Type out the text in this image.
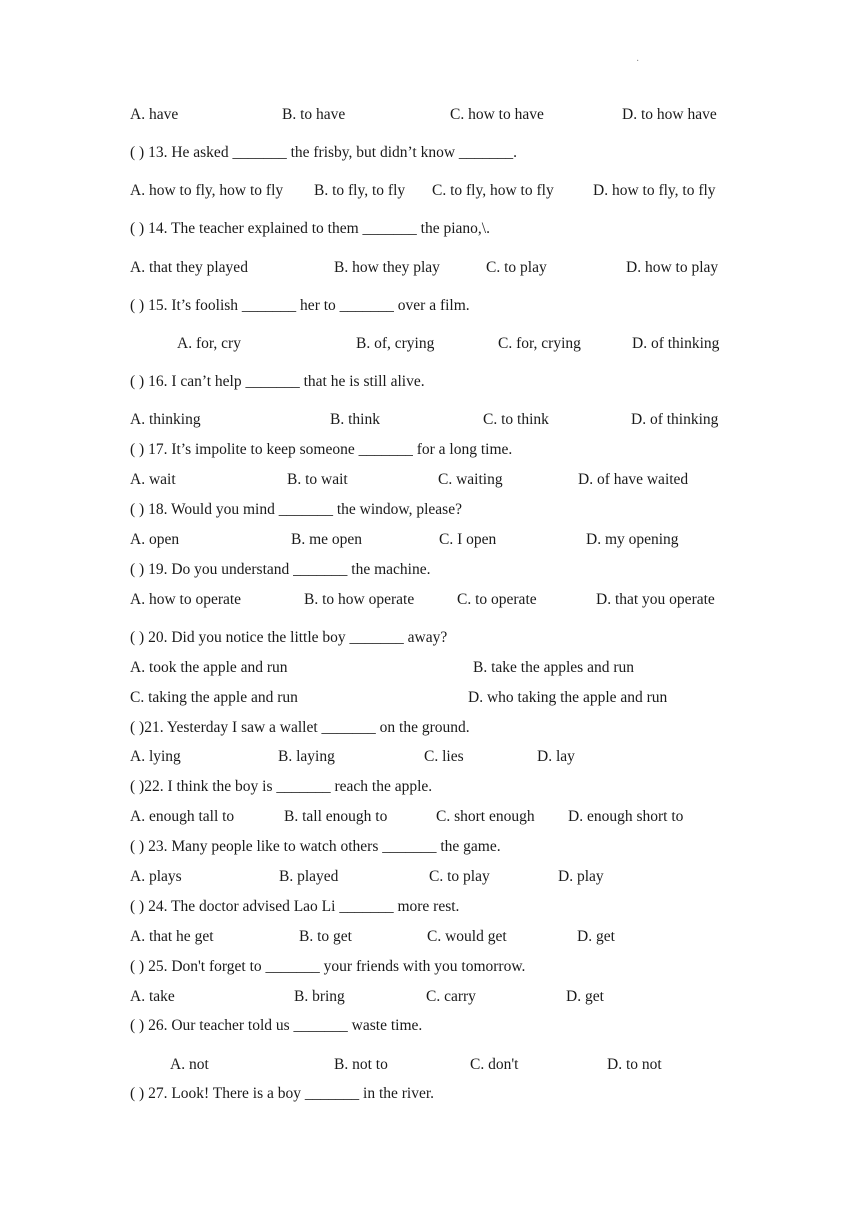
·
A. have	B. to have	C. how to have	D. to how have
( ) 13. He asked _______ the frisby, but didn’t know _______.
A. how to fly, how to fly B. to fly, to fly C. to fly, how to fly	D. how to fly, to fly
( ) 14. The teacher explained to them _______ the piano,\.
A. that they played	B. how they play	C. to play	D. how to play
( ) 15. It’s foolish _______ her to _______ over a film.
A. for, cry	B. of, crying	C. for, crying	D. of thinking
( ) 16. I can’t help _______ that he is still alive.
A. thinking	B. think	C. to think	D. of thinking
( ) 17. It’s impolite to keep someone _______ for a long time.
A. wait	B. to wait	C. waiting	D. of have waited
( ) 18. Would you mind _______ the window, please?
A. open	B. me open	C. I open	D. my opening
( ) 19. Do you understand _______ the machine.
A. how to operate	B. to how operate	C. to operate	D. that you operate
( ) 20. Did you notice the little boy _______ away?
A. took the apple and run	B. take the apples and run
C. taking the apple and run	D. who taking the apple and run
( )21. Yesterday I saw a wallet _______ on the ground.
A. lying	B. laying	C. lies	D. lay
( )22. I think the boy is _______ reach the apple.
A. enough tall to	B. tall enough to	C. short enough D. enough short to
( ) 23. Many people like to watch others _______ the game.
A. plays	B. played	C. to play	D. play
( ) 24. The doctor advised Lao Li _______ more rest.
A. that he get	B. to get	C. would get	D. get
( ) 25. Don't forget to _______ your friends with you tomorrow.
A. take	B. bring	C. carry	D. get
( ) 26. Our teacher told us _______ waste time.
A. not	B. not to	C. don't	D. to not
( ) 27. Look! There is a boy _______ in the river.
